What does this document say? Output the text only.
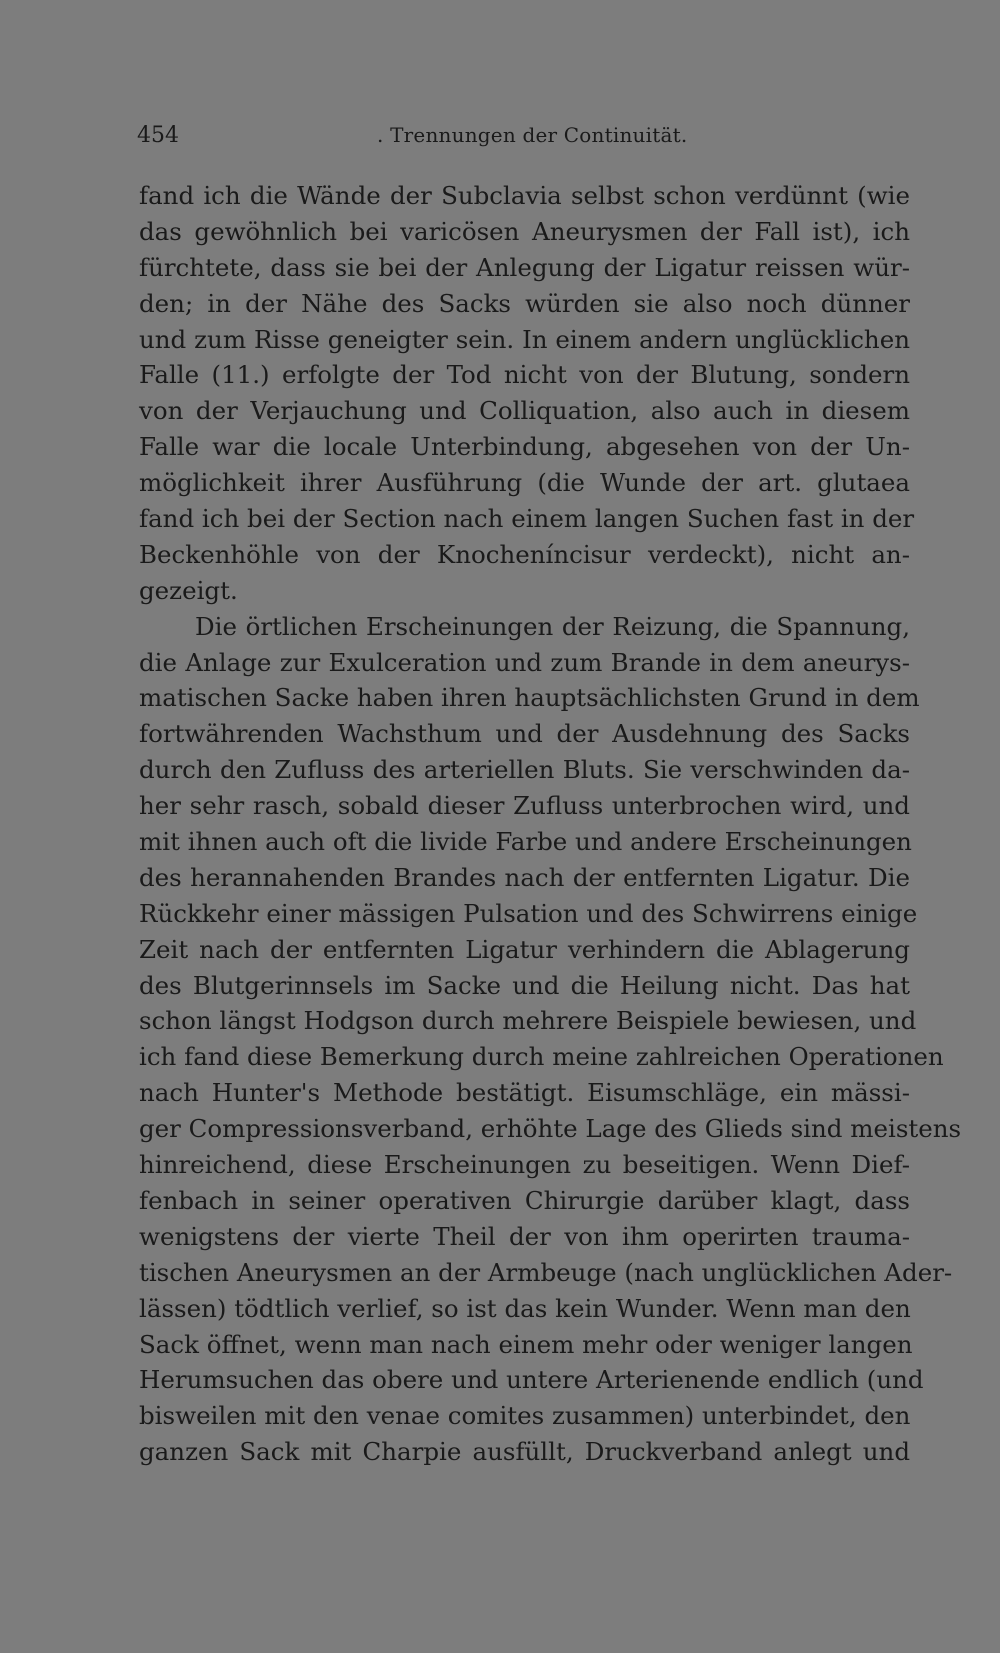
454	. Trennungen der Continuität.
fand ich die Wände der Subclavia selbst schon verdünnt (wie
das gewöhnlich bei varicösen Aneurysmen der Fall ist), ich
fürchtete, dass sie bei der Anlegung der Ligatur reissen wür-
den; in der Nähe des Sacks würden sie also noch dünner
und zum Risse geneigter sein. In einem andern unglücklichen
Falle (11.) erfolgte der Tod nicht von der Blutung, sondern
von der Verjauchung und Colliquation, also auch in diesem
Falle war die locale Unterbindung, abgesehen von der Un-
möglichkeit ihrer Ausführung (die Wunde der art. glutaea
fand ich bei der Section nach einem langen Suchen fast in der
Beckenhöhle von der Knocheníncisur verdeckt), nicht an-
gezeigt.
Die örtlichen Erscheinungen der Reizung, die Spannung,
die Anlage zur Exulceration und zum Brande in dem aneurys-
matischen Sacke haben ihren hauptsächlichsten Grund in dem
fortwährenden Wachsthum und der Ausdehnung des Sacks
durch den Zufluss des arteriellen Bluts. Sie verschwinden da-
her sehr rasch, sobald dieser Zufluss unterbrochen wird, und
mit ihnen auch oft die livide Farbe und andere Erscheinungen
des herannahenden Brandes nach der entfernten Ligatur. Die
Rückkehr einer mässigen Pulsation und des Schwirrens einige
Zeit nach der entfernten Ligatur verhindern die Ablagerung
des Blutgerinnsels im Sacke und die Heilung nicht. Das hat
schon längst Hodgson durch mehrere Beispiele bewiesen, und
ich fand diese Bemerkung durch meine zahlreichen Operationen
nach Hunter's Methode bestätigt. Eisumschläge, ein mässi-
ger Compressionsverband, erhöhte Lage des Glieds sind meistens
hinreichend, diese Erscheinungen zu beseitigen. Wenn Dief-
fenbach in seiner operativen Chirurgie darüber klagt, dass
wenigstens der vierte Theil der von ihm operirten trauma-
tischen Aneurysmen an der Armbeuge (nach unglücklichen Ader-
lässen) tödtlich verlief, so ist das kein Wunder. Wenn man den
Sack öffnet, wenn man nach einem mehr oder weniger langen
Herumsuchen das obere und untere Arterienende endlich (und
bisweilen mit den venae comites zusammen) unterbindet, den
ganzen Sack mit Charpie ausfüllt, Druckverband anlegt und
